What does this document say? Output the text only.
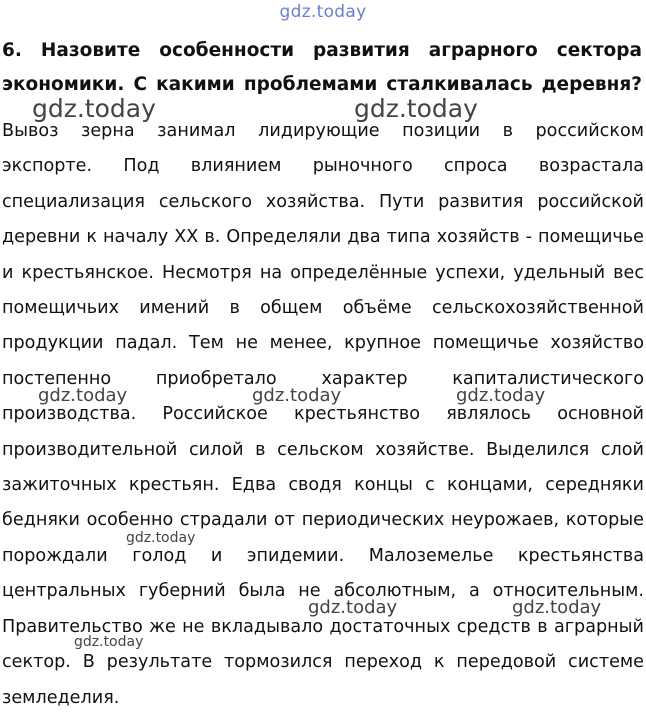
gdz.today
6. Назовите особенности развития аграрного сектора
экономики. С какими проблемами сталкивалась деревня?
Вывоз зерна занимал лидирующие позиции в российском
экспорте. Под влиянием рыночного спроса возрастала
специализация сельского хозяйства. Пути развития российской
деревни к началу XX в. Определяли два типа хозяйств - помещичье
и крестьянское. Несмотря на определённые успехи, удельный вес
помещичьих имений в общем объёме сельскохозяйственной
продукции падал. Тем не менее, крупное помещичье хозяйство
постепенно приобретало характер капиталистического
производства. Российское крестьянство являлось основной
производительной силой в сельском хозяйстве. Выделился слой
зажиточных крестьян. Едва сводя концы с концами, середняки
бедняки особенно страдали от периодических неурожаев, которые
порождали голод и эпидемии. Малоземелье крестьянства
центральных губерний была не абсолютным, а относительным.
Правительство же не вкладывало достаточных средств в аграрный
сектор. В результате тормозился переход к передовой системе
земледелия.
gdz.today	gdz.today
gdz.today	gdz.today	gdz.today
gdz.today
gdz.today	gdz.today
gdz.today
